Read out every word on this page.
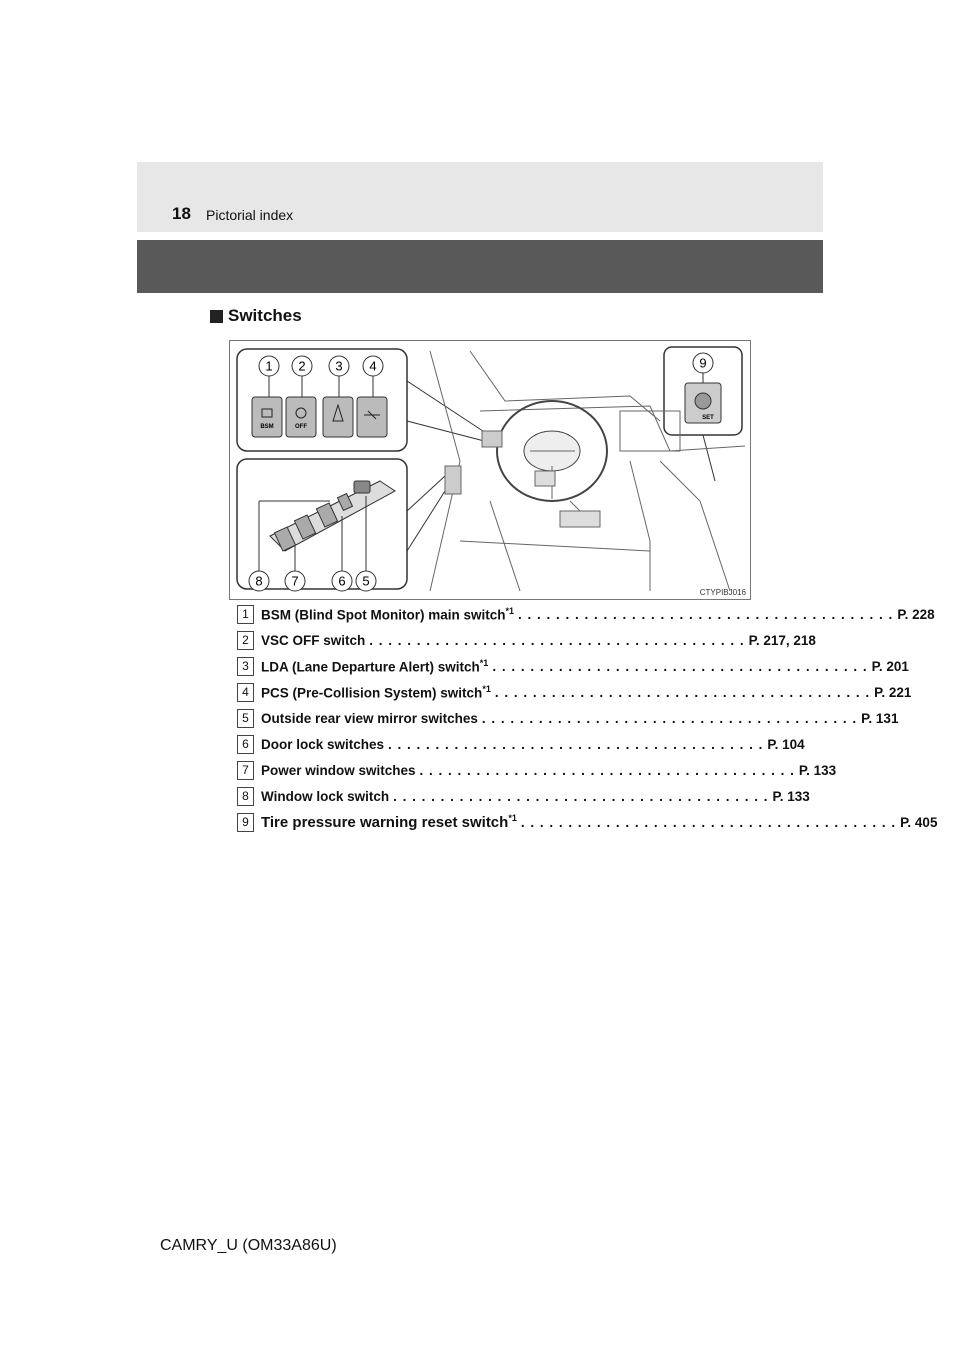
18 Pictorial index
Switches
1 2 3 4
BSM	OFF
9
SET
8 7	6 5
CTYPIBJ016
1 BSM (Blind Spot Monitor) main switch$^{*1}$ . . . . . . . . . . . . . . . . . . . . . . . . . . . . . . . . . . . . . . . . P. 228
2 VSC OFF switch . . . . . . . . . . . . . . . . . . . . . . . . . . . . . . . . . . . . . . . . P. 217, 218
3 LDA (Lane Departure Alert) switch$^{*1}$ . . . . . . . . . . . . . . . . . . . . . . . . . . . . . . . . . . . . . . . . P. 201
4 PCS (Pre-Collision System) switch$^{*1}$ . . . . . . . . . . . . . . . . . . . . . . . . . . . . . . . . . . . . . . . . P. 221
5 Outside rear view mirror switches . . . . . . . . . . . . . . . . . . . . . . . . . . . . . . . . . . . . . . . . P. 131
6 Door lock switches . . . . . . . . . . . . . . . . . . . . . . . . . . . . . . . . . . . . . . . . P. 104
7 Power window switches . . . . . . . . . . . . . . . . . . . . . . . . . . . . . . . . . . . . . . . . P. 133
8 Window lock switch . . . . . . . . . . . . . . . . . . . . . . . . . . . . . . . . . . . . . . . . P. 133
9 Tire pressure warning reset switch$^{*1}$ . . . . . . . . . . . . . . . . . . . . . . . . . . . . . . . . . . . . . . . . P. 405
CAMRY_U (OM33A86U)
